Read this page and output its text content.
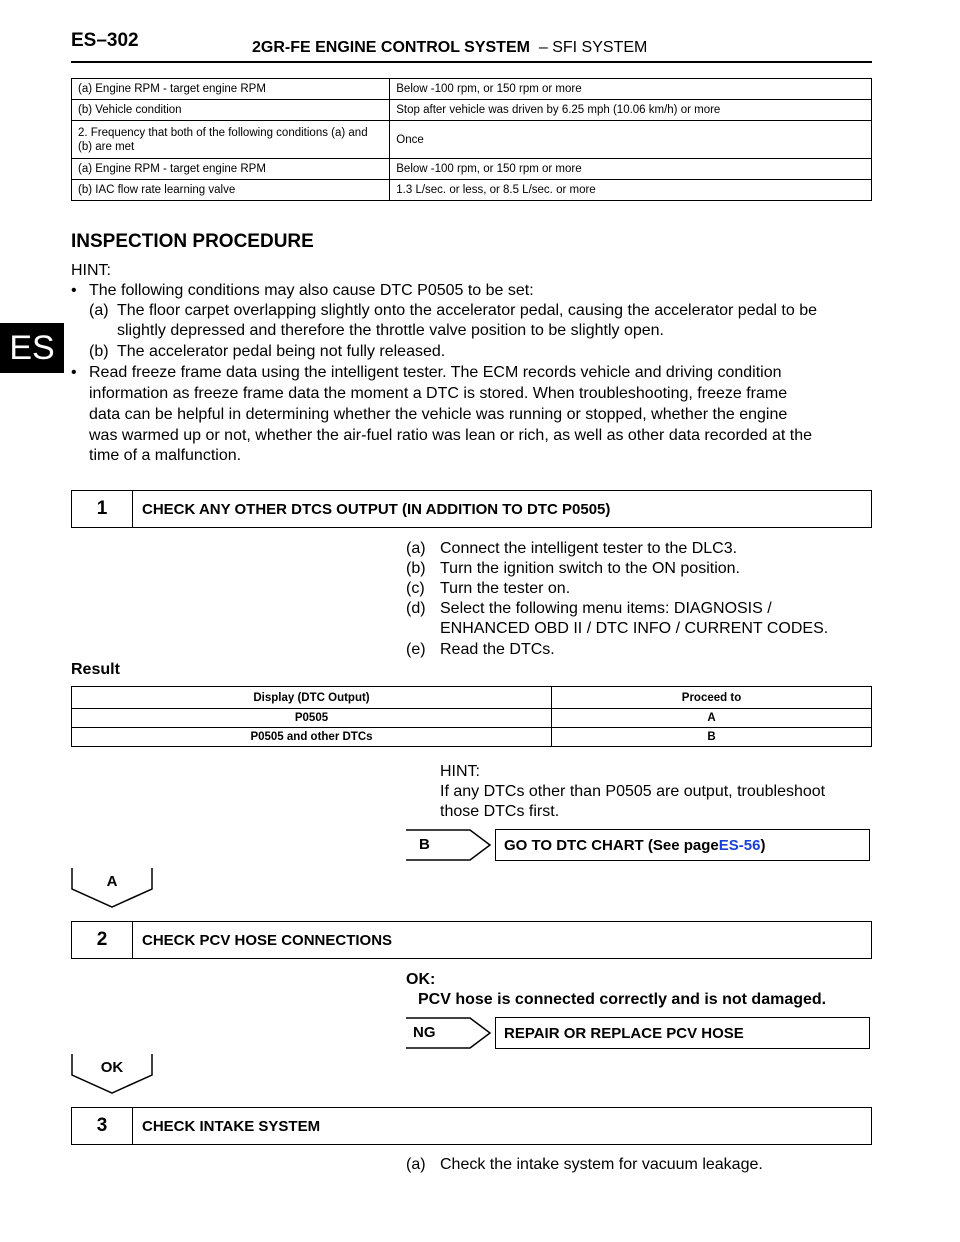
ES–302	2GR-FE ENGINE CONTROL SYSTEM – SFI SYSTEM
ES
(a) Engine RPM - target engine RPM	Below -100 rpm, or 150 rpm or more
(b) Vehicle condition	Stop after vehicle was driven by 6.25 mph (10.06 km/h) or more
2. Frequency that both of the following conditions (a) and (b) are met	Once
(a) Engine RPM - target engine RPM	Below -100 rpm, or 150 rpm or more
(b) IAC flow rate learning valve	1.3 L/sec. or less, or 8.5 L/sec. or more
INSPECTION PROCEDURE
HINT:
• The following conditions may also cause DTC P0505 to be set:
(a) The floor carpet overlapping slightly onto the accelerator pedal, causing the accelerator pedal to be
slightly depressed and therefore the throttle valve position to be slightly open.
(b) The accelerator pedal being not fully released.
• Read freeze frame data using the intelligent tester. The ECM records vehicle and driving condition
information as freeze frame data the moment a DTC is stored. When troubleshooting, freeze frame
data can be helpful in determining whether the vehicle was running or stopped, whether the engine
was warmed up or not, whether the air-fuel ratio was lean or rich, as well as other data recorded at the
time of a malfunction.
1	CHECK ANY OTHER DTCS OUTPUT (IN ADDITION TO DTC P0505)
(a) Connect the intelligent tester to the DLC3.
(b) Turn the ignition switch to the ON position.
(c) Turn the tester on.
(d) Select the following menu items: DIAGNOSIS /
ENHANCED OBD II / DTC INFO / CURRENT CODES.
(e) Read the DTCs.
Result
Display (DTC Output)	Proceed to
P0505	A
P0505 and other DTCs	B
HINT:
If any DTCs other than P0505 are output, troubleshoot
those DTCs first.
B	GO TO DTC CHART (See page ES-56 )
A
2	CHECK PCV HOSE CONNECTIONS
OK:
PCV hose is connected correctly and is not damaged.
NG	REPAIR OR REPLACE PCV HOSE
OK
3	CHECK INTAKE SYSTEM
(a) Check the intake system for vacuum leakage.
